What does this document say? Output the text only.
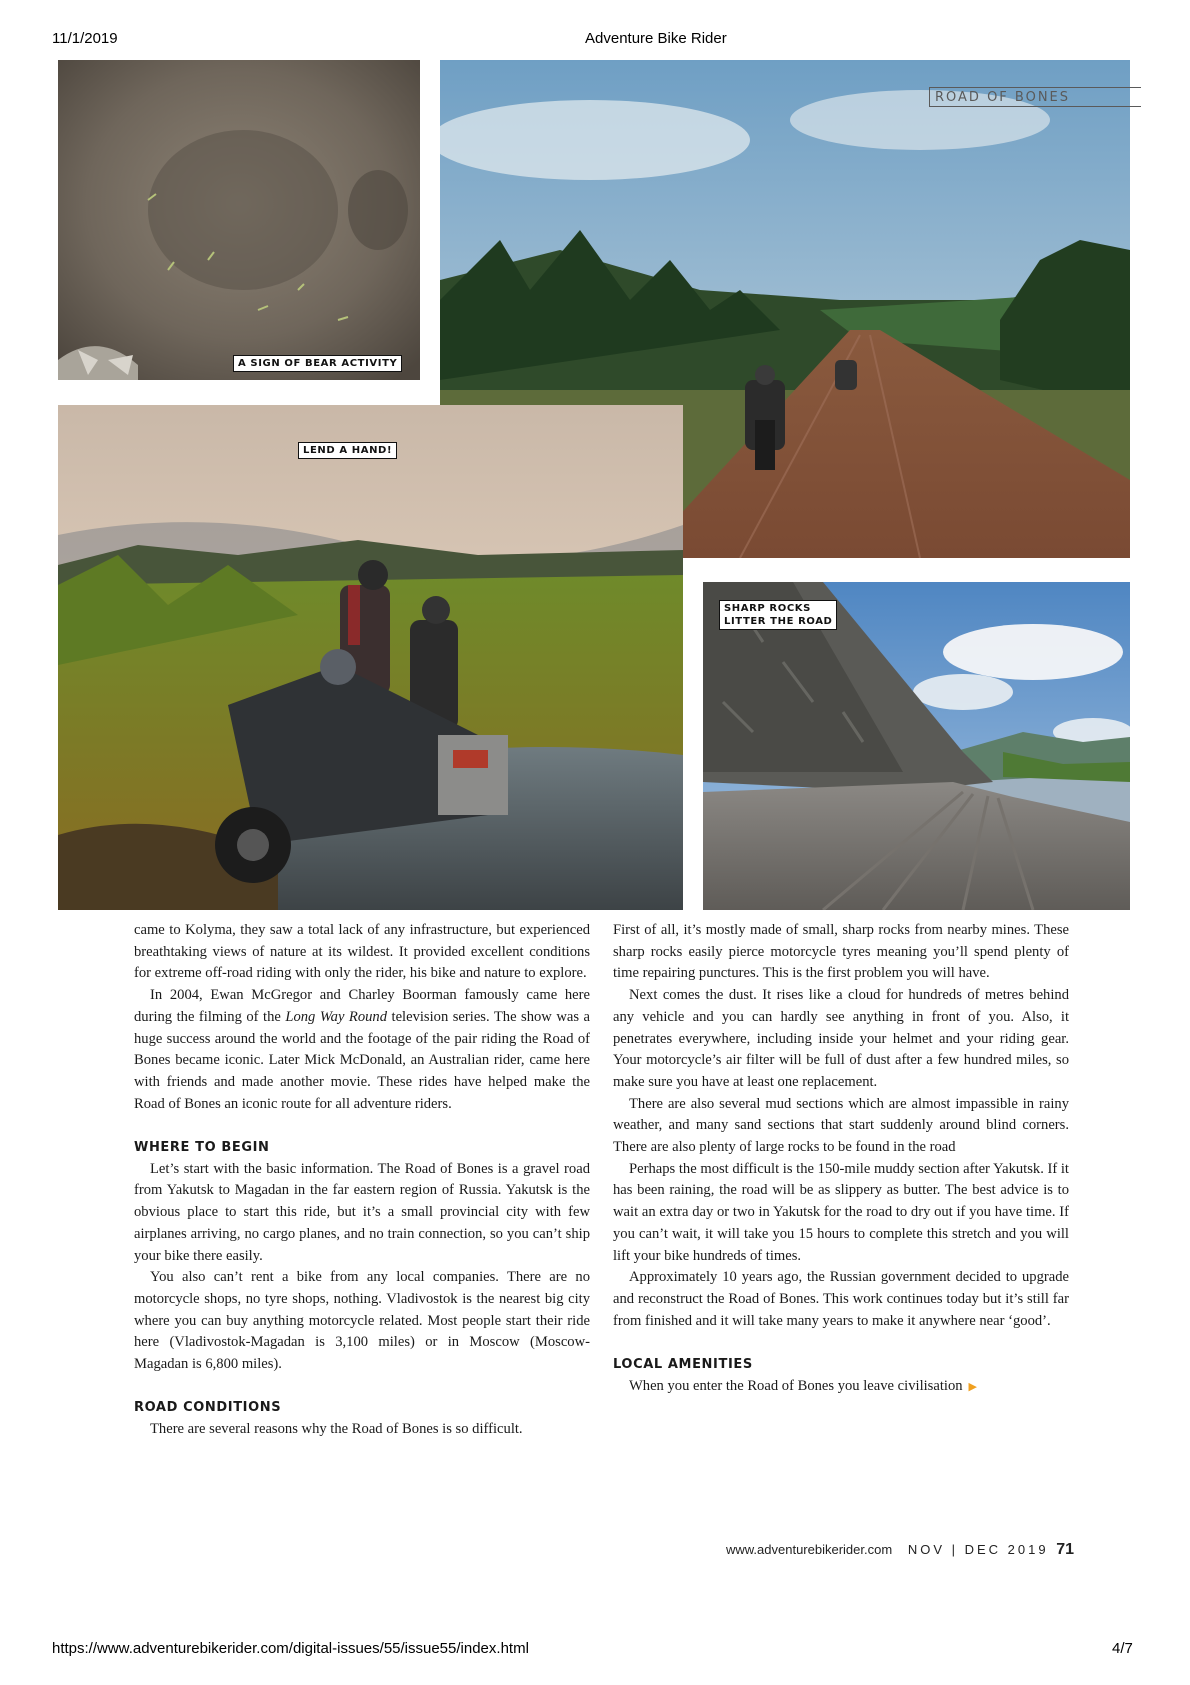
11/1/2019	Adventure Bike Rider
A SIGN OF BEAR ACTIVITY
ROAD OF BONES
LEND A HAND!
SHARP ROCKS
LITTER THE ROAD

came to Kolyma, they saw a total lack of any infrastructure, but experienced breathtaking views of nature at its wildest. It provided excellent conditions for extreme off-road riding with only the rider, his bike and nature to explore.

In 2004, Ewan McGregor and Charley Boorman famously came here during the filming of the Long Way Round television series. The show was a huge success around the world and the footage of the pair riding the Road of Bones became iconic. Later Mick McDonald, an Australian rider, came here with friends and made another movie. These rides have helped make the Road of Bones an iconic route for all adventure riders.

WHERE TO BEGIN

Let’s start with the basic information. The Road of Bones is a gravel road from Yakutsk to Magadan in the far eastern region of Russia. Yakutsk is the obvious place to start this ride, but it’s a small provincial city with few airplanes arriving, no cargo planes, and no train connection, so you can’t ship your bike there easily.

You also can’t rent a bike from any local companies. There are no motorcycle shops, no tyre shops, nothing. Vladivostok is the nearest big city where you can buy anything motorcycle related. Most people start their ride here (Vladivostok-Magadan is 3,100 miles) or in Moscow (Moscow-Magadan is 6,800 miles).

ROAD CONDITIONS

There are several reasons why the Road of Bones is so difficult.

First of all, it’s mostly made of small, sharp rocks from nearby mines. These sharp rocks easily pierce motorcycle tyres meaning you’ll spend plenty of time repairing punctures. This is the first problem you will have.

Next comes the dust. It rises like a cloud for hundreds of metres behind any vehicle and you can hardly see anything in front of you. Also, it penetrates everywhere, including inside your helmet and your riding gear. Your motorcycle’s air filter will be full of dust after a few hundred miles, so make sure you have at least one replacement.

There are also several mud sections which are almost impassible in rainy weather, and many sand sections that start suddenly around blind corners. There are also plenty of large rocks to be found in the road

Perhaps the most difficult is the 150-mile muddy section after Yakutsk. If it has been raining, the road will be as slippery as butter. The best advice is to wait an extra day or two in Yakutsk for the road to dry out if you have time. If you can’t wait, it will take you 15 hours to complete this stretch and you will lift your bike hundreds of times.

Approximately 10 years ago, the Russian government decided to upgrade and reconstruct the Road of Bones. This work continues today but it’s still far from finished and it will take many years to make it anywhere near ‘good’.

LOCAL AMENITIES

When you enter the Road of Bones you leave civilisation ▶

www.adventurebikerider.com NOV | DEC 2019 71
https://www.adventurebikerider.com/digital-issues/55/issue55/index.html	4/7
